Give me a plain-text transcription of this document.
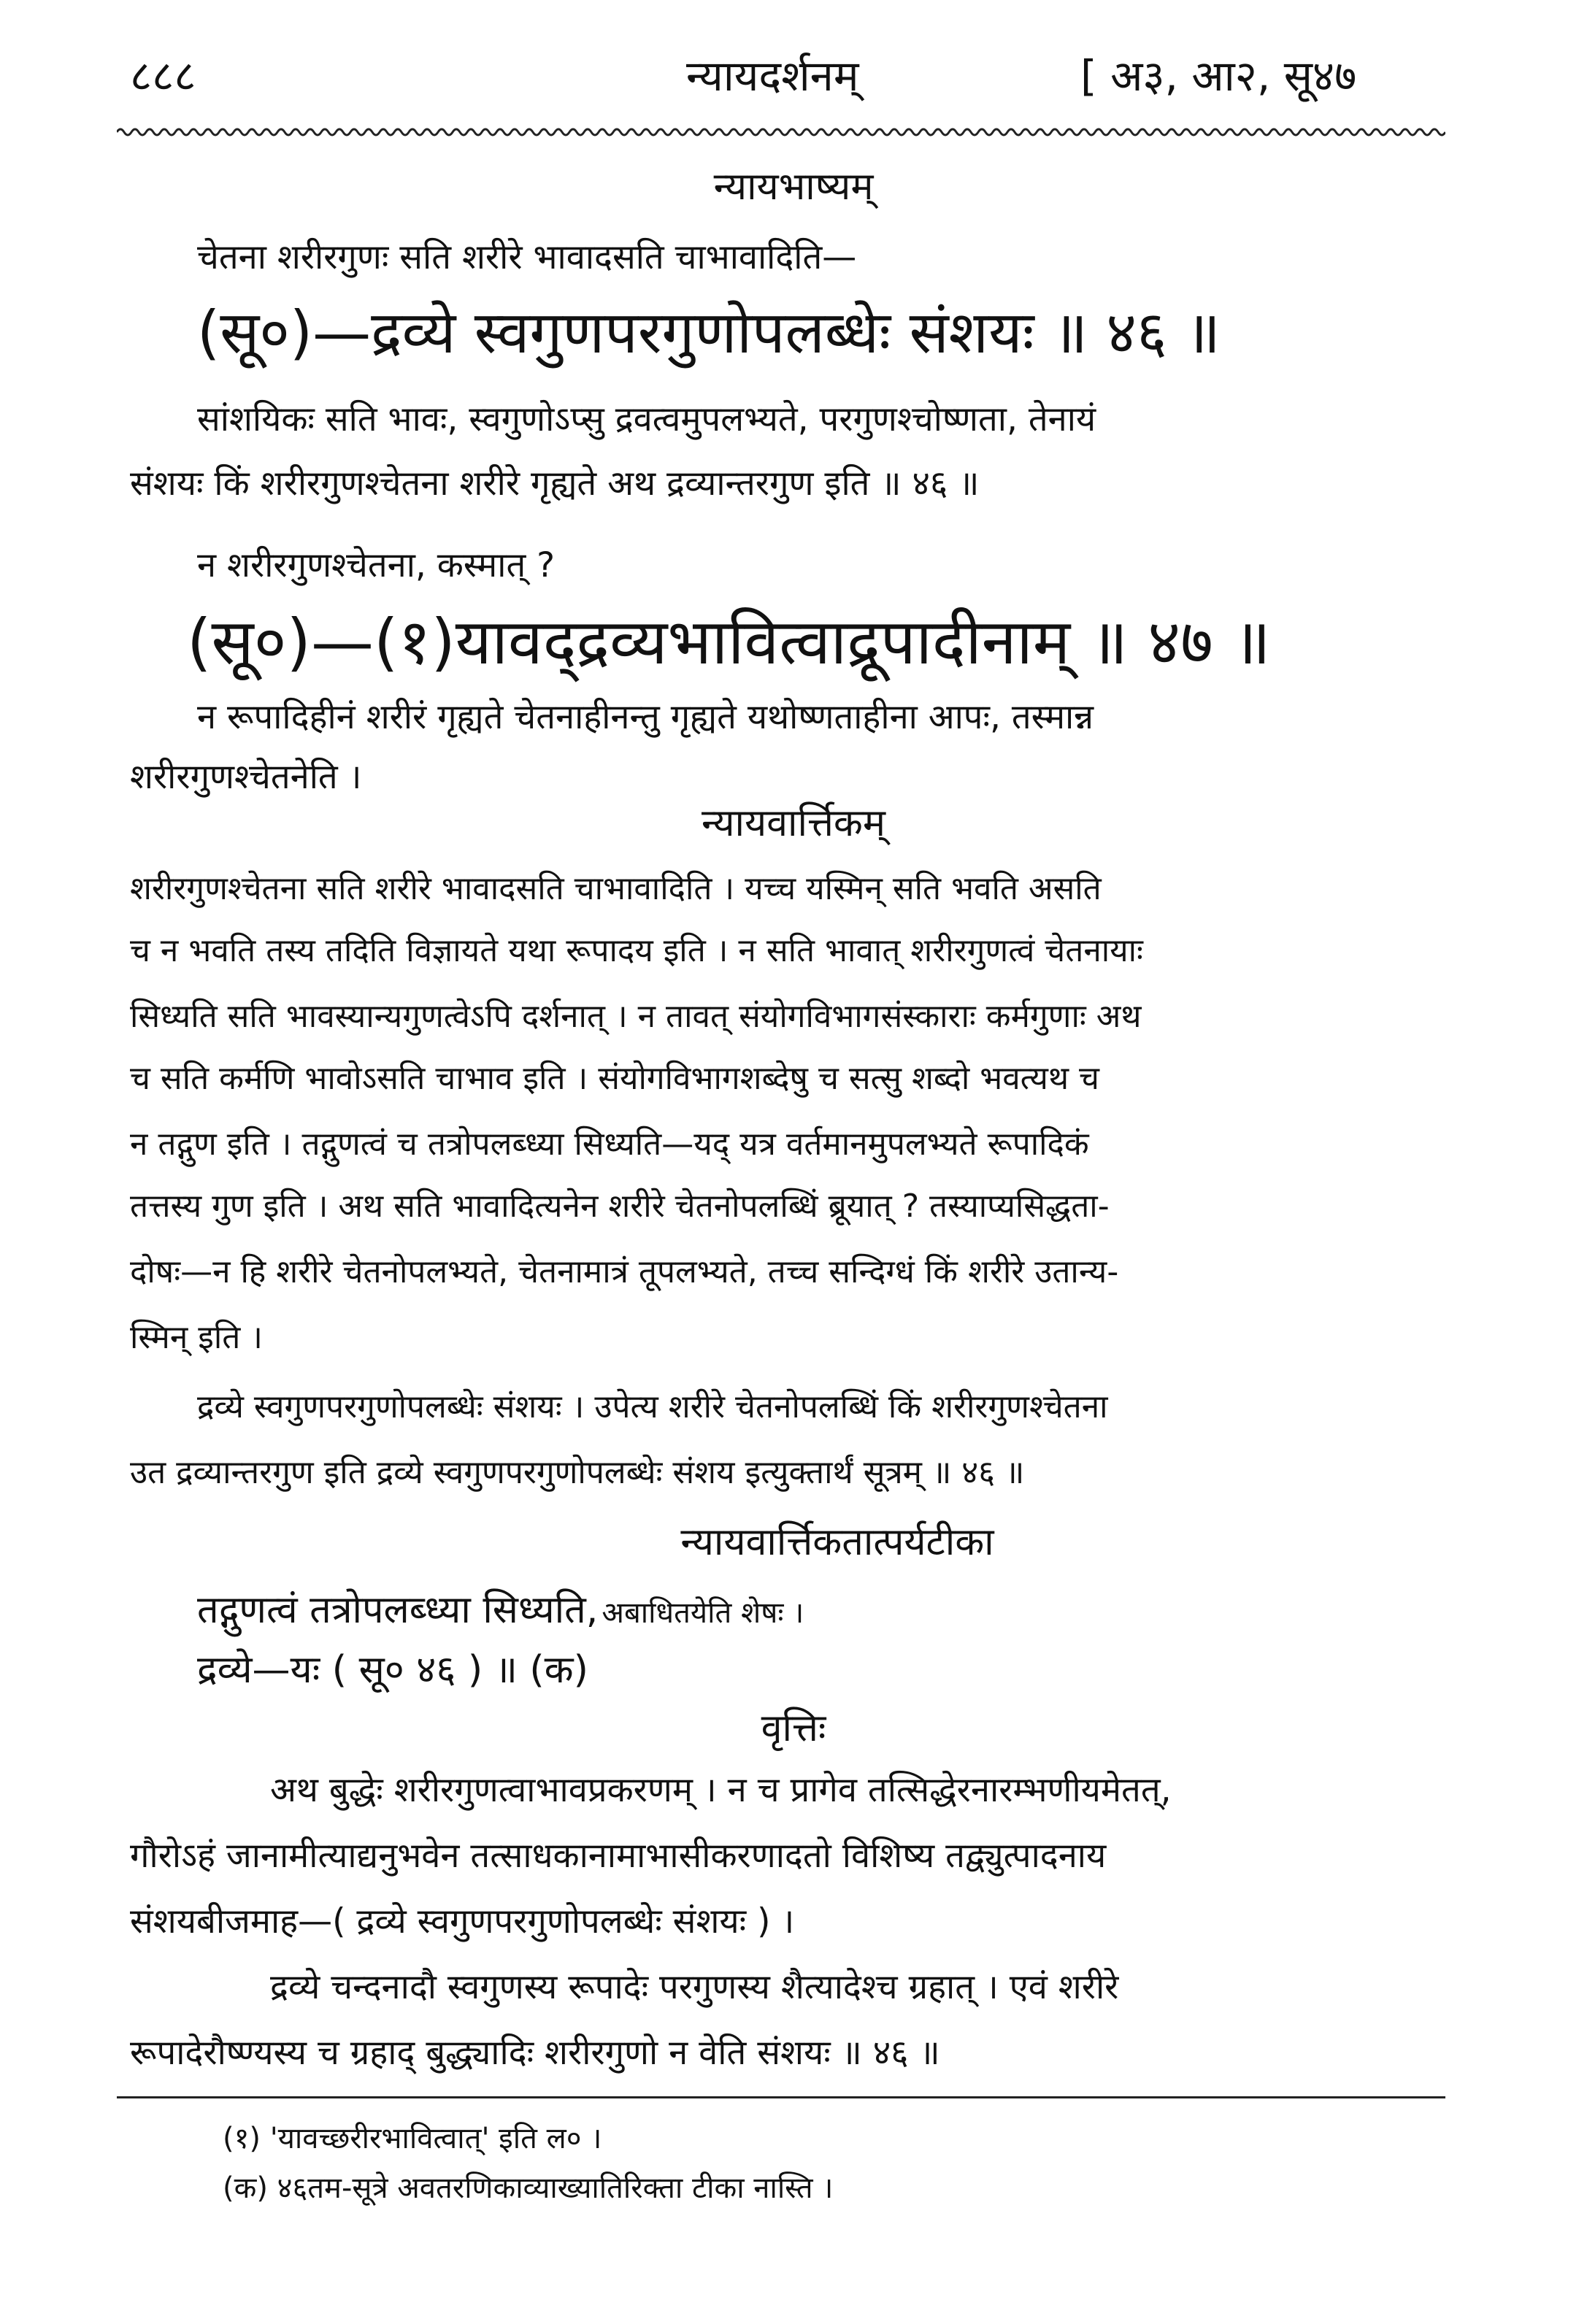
८८८	न्यायदर्शनम्	[ अ३, आ२, सू४७
न्यायभाष्यम्
चेतना शरीरगुणः सति शरीरे भावादसति चाभावादिति—
(सू०)—द्रव्ये स्वगुणपरगुणोपलब्धेः संशयः ॥ ४६ ॥
सांशयिकः सति भावः, स्वगुणोऽप्सु द्रवत्वमुपलभ्यते, परगुणश्चोष्णता, तेनायं
संशयः किं शरीरगुणश्चेतना शरीरे गृह्यते अथ द्रव्यान्तरगुण इति ॥ ४६ ॥
न शरीरगुणश्चेतना, कस्मात् ?
(सू०)—(१)यावद्द्रव्यभावित्वाद्रूपादीनाम् ॥ ४७ ॥
न रूपादिहीनं शरीरं गृह्यते चेतनाहीनन्तु गृह्यते यथोष्णताहीना आपः, तस्मान्न
शरीरगुणश्चेतनेति ।
न्यायवार्त्तिकम्
शरीरगुणश्चेतना सति शरीरे भावादसति चाभावादिति । यच्च यस्मिन् सति भवति असति
च न भवति तस्य तदिति विज्ञायते यथा रूपादय इति । न सति भावात् शरीरगुणत्वं चेतनायाः
सिध्यति सति भावस्यान्यगुणत्वेऽपि दर्शनात् । न तावत् संयोगविभागसंस्काराः कर्मगुणाः अथ
च सति कर्मणि भावोऽसति चाभाव इति । संयोगविभागशब्देषु च सत्सु शब्दो भवत्यथ च
न तद्गुण इति । तद्गुणत्वं च तत्रोपलब्ध्या सिध्यति—यद् यत्र वर्तमानमुपलभ्यते रूपादिकं
तत्तस्य गुण इति । अथ सति भावादित्यनेन शरीरे चेतनोपलब्धिं ब्रूयात् ? तस्याप्यसिद्धता-
दोषः—न हि शरीरे चेतनोपलभ्यते, चेतनामात्रं तूपलभ्यते, तच्च सन्दिग्धं किं शरीरे उतान्य-
स्मिन् इति ।
द्रव्ये स्वगुणपरगुणोपलब्धेः संशयः । उपेत्य शरीरे चेतनोपलब्धिं किं शरीरगुणश्चेतना
उत द्रव्यान्तरगुण इति द्रव्ये स्वगुणपरगुणोपलब्धेः संशय इत्युक्तार्थं सूत्रम् ॥ ४६ ॥
न्यायवार्त्तिकतात्पर्यटीका
तद्गुणत्वं तत्रोपलब्ध्या सिध्यति, अबाधितयेति शेषः ।
द्रव्ये—यः ( सू० ४६ ) ॥ (क)
वृत्तिः
अथ बुद्धेः शरीरगुणत्वाभावप्रकरणम् । न च प्रागेव तत्सिद्धेरनारम्भणीयमेतत्,
गौरोऽहं जानामीत्याद्यनुभवेन तत्साधकानामाभासीकरणादतो विशिष्य तद्व्युत्पादनाय
संशयबीजमाह—( द्रव्ये स्वगुणपरगुणोपलब्धेः संशयः ) ।
द्रव्ये चन्दनादौ स्वगुणस्य रूपादेः परगुणस्य शैत्यादेश्च ग्रहात् । एवं शरीरे
रूपादेरौष्ण्यस्य च ग्रहाद् बुद्ध्यादिः शरीरगुणो न वेति संशयः ॥ ४६ ॥
(१) 'यावच्छरीरभावित्वात्' इति ल० ।
(क) ४६तम-सूत्रे अवतरणिकाव्याख्यातिरिक्ता टीका नास्ति ।
